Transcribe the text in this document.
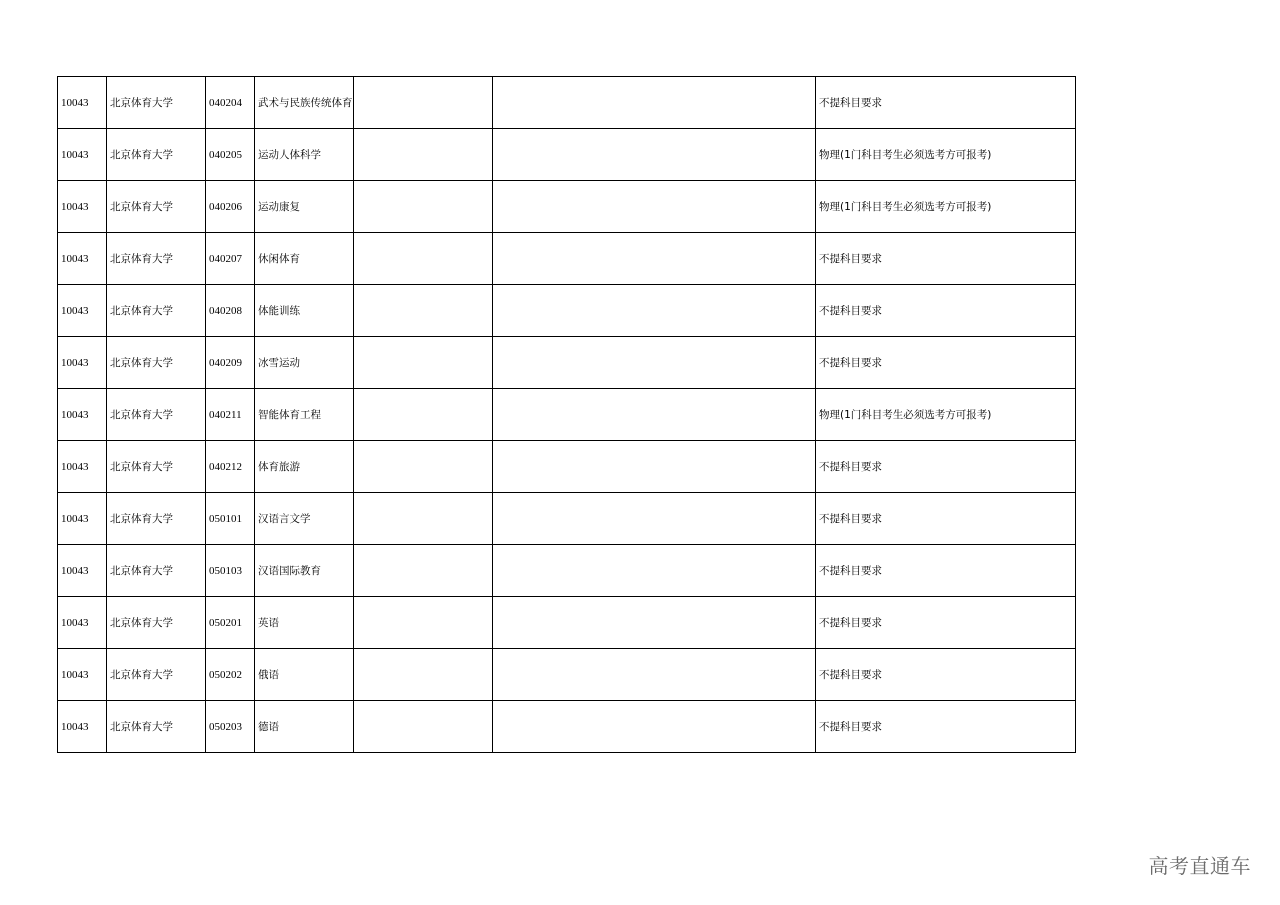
10043	北京体育大学	040204	武术与民族传统体育			不提科目要求
10043	北京体育大学	040205	运动人体科学			物理(1门科目考生必须选考方可报考)
10043	北京体育大学	040206	运动康复			物理(1门科目考生必须选考方可报考)
10043	北京体育大学	040207	休闲体育			不提科目要求
10043	北京体育大学	040208	体能训练			不提科目要求
10043	北京体育大学	040209	冰雪运动			不提科目要求
10043	北京体育大学	040211	智能体育工程			物理(1门科目考生必须选考方可报考)
10043	北京体育大学	040212	体育旅游			不提科目要求
10043	北京体育大学	050101	汉语言文学			不提科目要求
10043	北京体育大学	050103	汉语国际教育			不提科目要求
10043	北京体育大学	050201	英语			不提科目要求
10043	北京体育大学	050202	俄语			不提科目要求
10043	北京体育大学	050203	德语			不提科目要求
高考直通车
